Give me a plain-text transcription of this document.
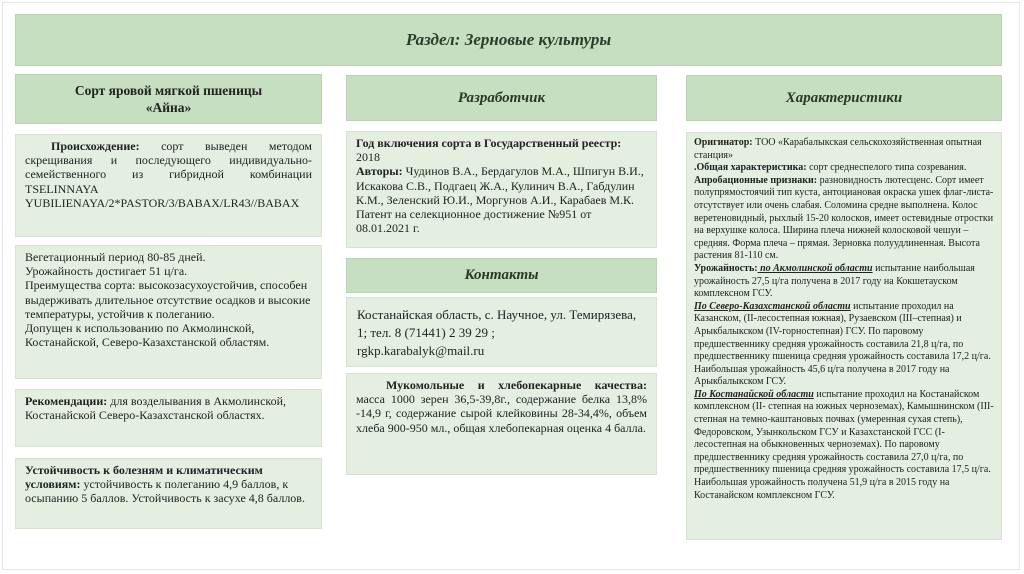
Раздел: Зерновые культуры
Сорт яровой мягкой пшеницы
«Айна»

Происхождение: сорт выведен методом скрещивания и последующего индивидуально-семейственного из гибридной комбинации TSELINNAYA YUBILIENAYA/2*PASTOR/3/BABAX/LR43//BABAX

Вегетационный период 80-85 дней.

Урожайность достигает 51 ц/га.

Преимущества сорта: высокозасухоустойчив, способен выдерживать длительное отсутствие осадков и высокие температуры, устойчив к полеганию.

Допущен к использованию по Акмолинской, Костанайской, Северо-Казахстанской областям.

Рекомендации: для возделывания в Акмолинской, Костанайской Северо-Казахстанской областях.

Устойчивость к болезням и климатическим условиям: устойчивость к полеганию 4,9 баллов, к осыпанию 5 баллов. Устойчивость к засухе 4,8 баллов.

Разработчик

Год включения сорта в Государственный реестр: 2018

Авторы: Чудинов В.А., Бердагулов М.А., Шпигун В.И., Искакова С.В., Подгаец Ж.А., Кулинич В.А., Габдулин К.М., Зеленский Ю.И., Моргунов А.И., Карабаев М.К. Патент на селекционное достижение №951 от 08.01.2021 г.

Контакты

Костанайская область, с. Научное, ул. Темирязева, 1; тел. 8 (71441) 2 39 29 ;

rgkp.karabalyk@mail.ru

Мукомольные и хлебопекарные качества: масса 1000 зерен 36,5-39,8г., содержание белка 13,8% -14,9 г, содержание сырой клейковины 28-34,4%, объем хлеба 900-950 мл., общая хлебопекарная оценка 4 балла.

Характеристики

Оригинатор: ТОО «Карабалыкская сельскохозяйственная опытная станция»

.Общая характеристика: сорт среднеспелого типа созревания.

Апробационные признаки: разновидность лютесценс. Сорт имеет полупрямостоячий тип куста, антоциановая окраска ушек флаг-листа-отсутствует или очень слабая. Соломина средне выполнена. Колос веретеновидный, рыхлый 15-20 колосков, имеет остевидные отростки на верхушке колоса. Ширина плеча нижней колосковой чешуи – средняя. Форма плеча – прямая. Зерновка полуудлиненная. Высота растения 81-110 см.

Урожайность: по Акмолинской области испытание наибольшая урожайность 27,5 ц/га получена в 2017 году на Кокшетауском комплексном ГСУ.

По Северо-Казахстанской области испытание проходил на Казанском, (II-лесостепная южная), Рузаевском (III–степная) и Арыкбалыкском (IV-горностепная) ГСУ. По паровому предшественнику средняя урожайность составила 21,8 ц/га, по предшественнику пшеница средняя урожайность составила 17,2 ц/га. Наибольшая урожайность 45,6 ц/га получена в 2017 году на Арыкбалыкском ГСУ.

По Костанайской области испытание проходил на Костанайском комплексном (II- степная на южных черноземах), Камышнинском (III- степная на темно-каштановых почвах (умеренная сухая степь), Федоровском, Узынкольском ГСУ и Казахстанской ГСС (I-лесостепная на обыкновенных черноземах). По паровому предшественнику средняя урожайность составила 27,0 ц/га, по предшественнику пшеница средняя урожайность составила 17,5 ц/га. Наибольшая урожайность получена 51,9 ц/га в 2015 году на Костанайском комплексном ГСУ.
